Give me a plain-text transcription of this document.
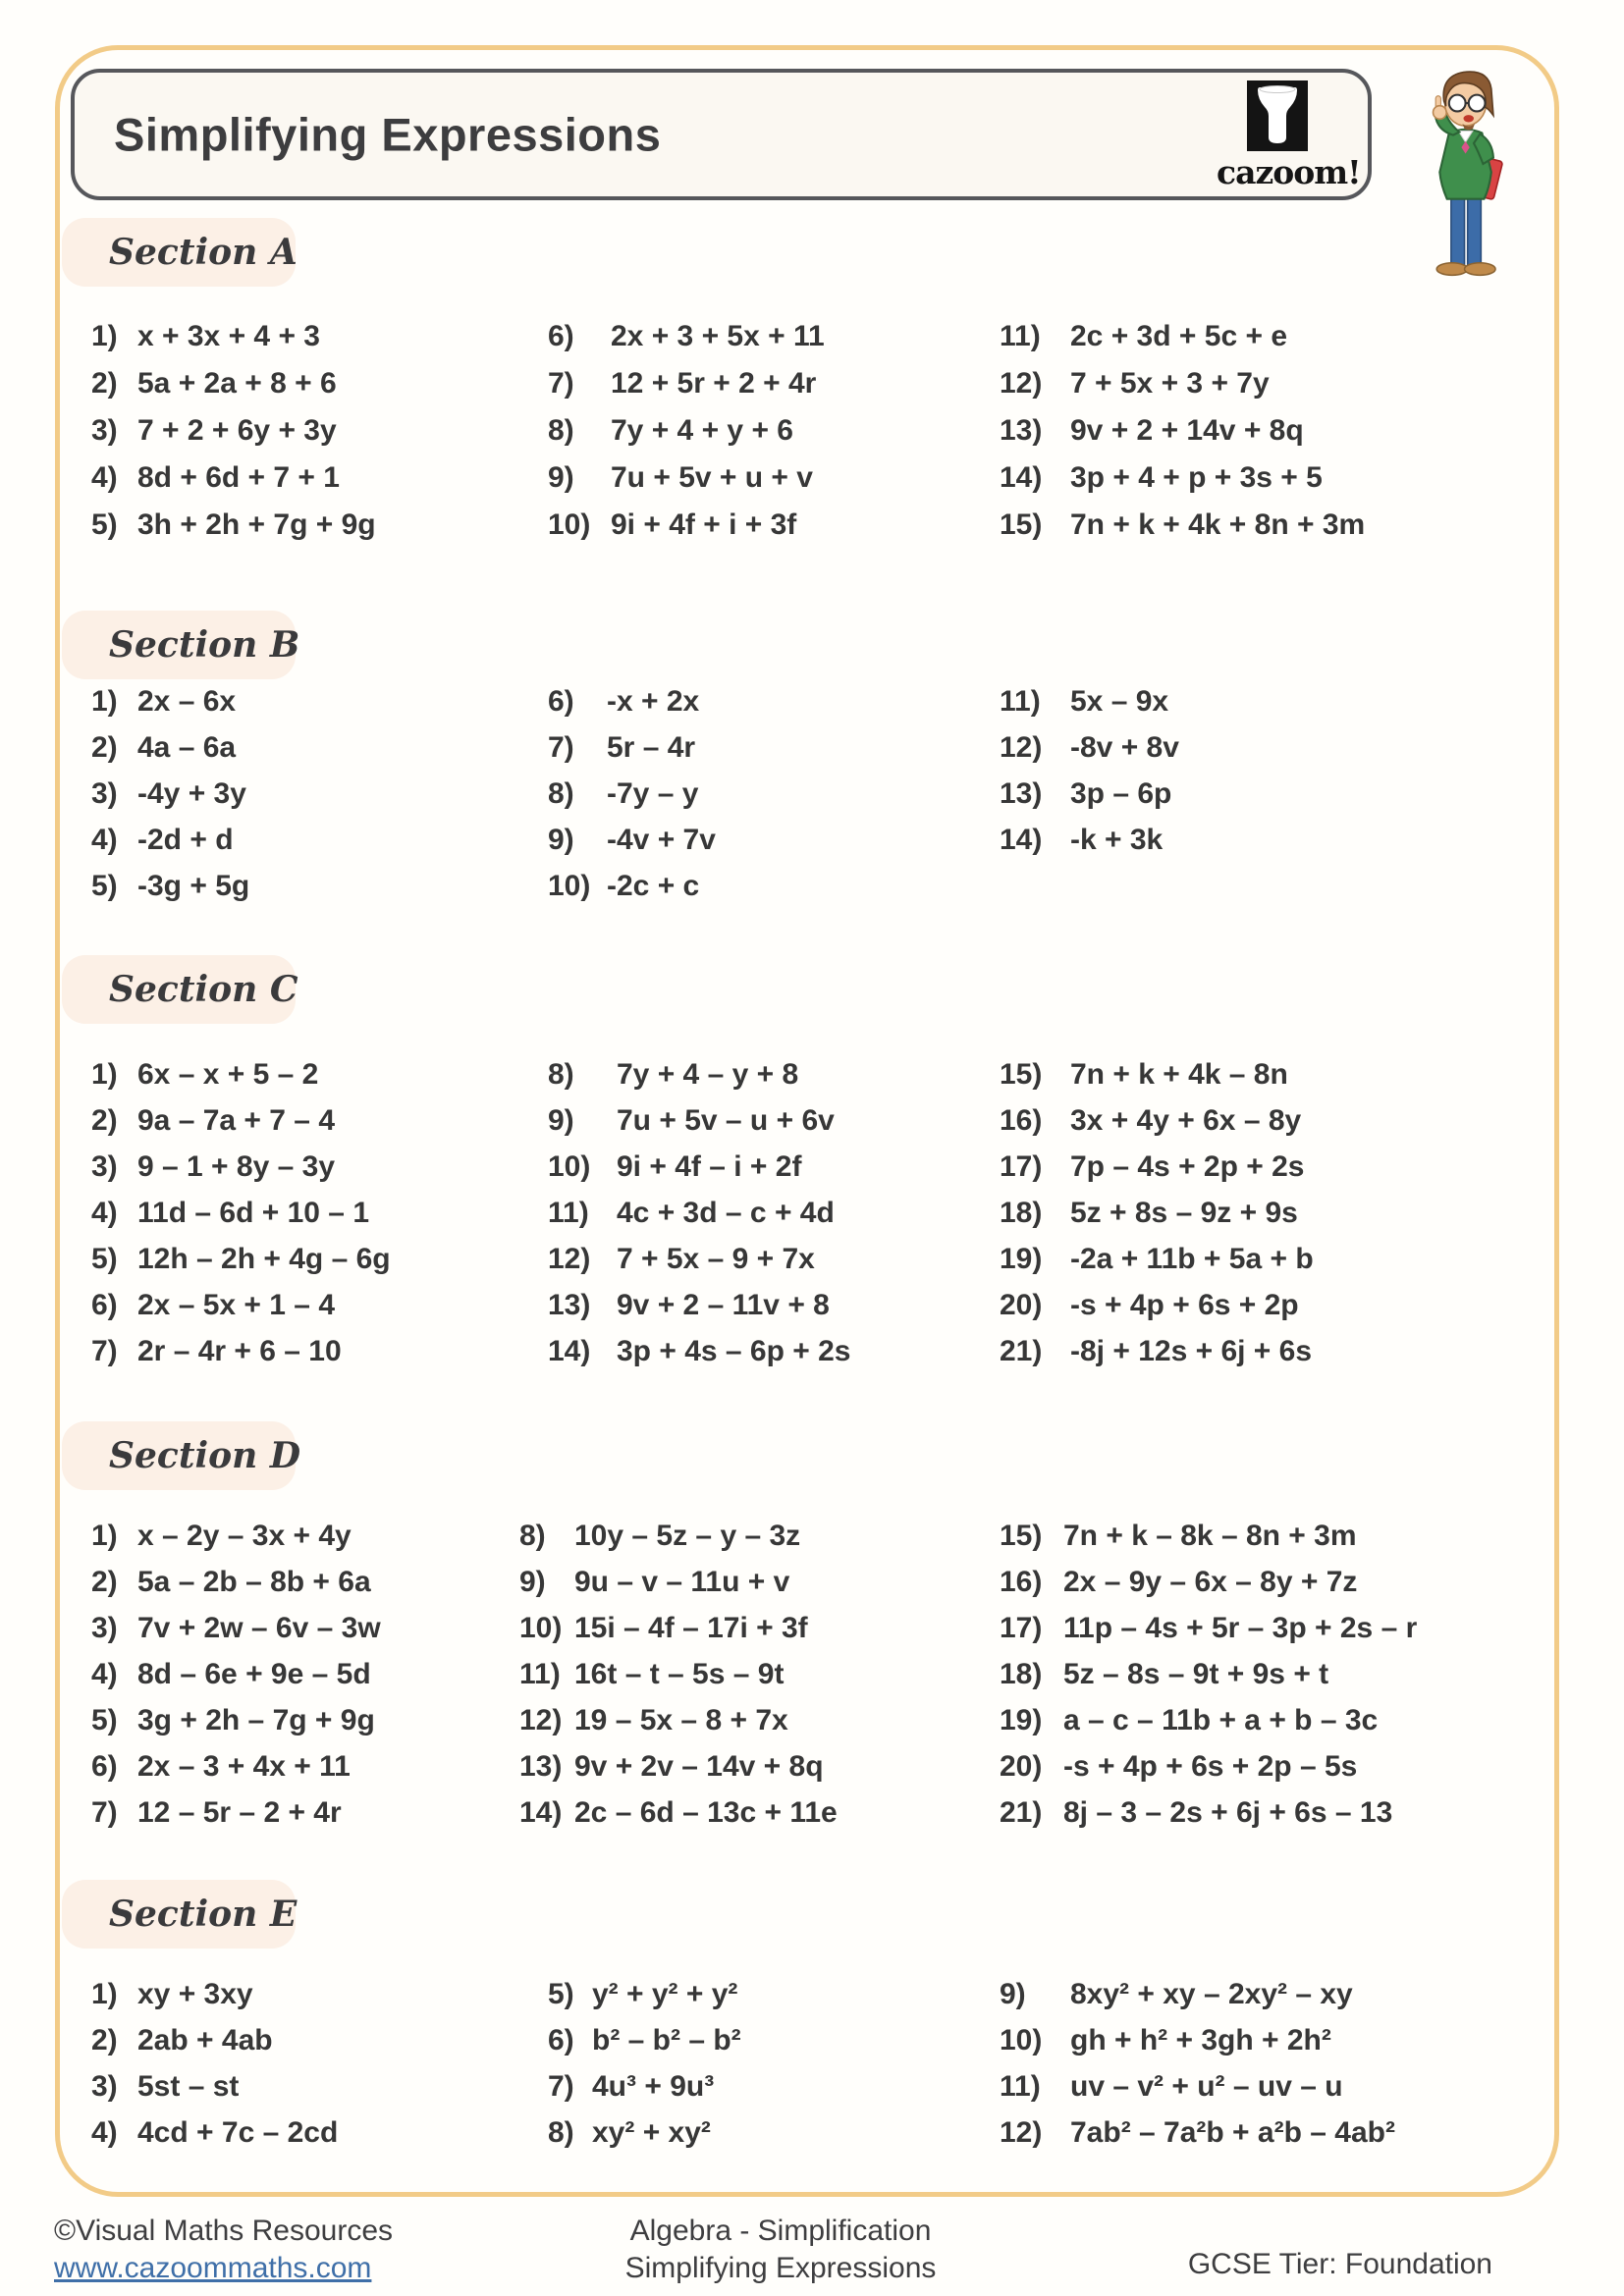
Simplifying Expressions
cazoom!
Section A
1) x + 3x + 4 + 3
2) 5a + 2a + 8 + 6
3) 7 + 2 + 6y + 3y
4) 8d + 6d + 7 + 1
5) 3h + 2h + 7g + 9g
6)	2x + 3 + 5x + 11
7)	12 + 5r + 2 + 4r
8)	7y + 4 + y + 6
9)	7u + 5v + u + v
10) 9i + 4f + i + 3f
11)	2c + 3d + 5c + e
12) 7 + 5x + 3 + 7y
13) 9v + 2 + 14v + 8q
14) 3p + 4 + p + 3s + 5
15) 7n + k + 4k + 8n + 3m
Section B
1) 2x – 6x
2) 4a – 6a
3) -4y + 3y
4) -2d + d
5) -3g + 5g
6)	-x + 2x
7)	5r – 4r
8)	-7y – y
9)	-4v + 7v
10) -2c + c
11)	5x – 9x
12) -8v + 8v
13) 3p – 6p
14) -k + 3k
Section C
1) 6x – x + 5 – 2
2) 9a – 7a + 7 – 4
3) 9 – 1 + 8y – 3y
4) 11d – 6d + 10 – 1
5) 12h – 2h + 4g – 6g
6) 2x – 5x + 1 – 4
7) 2r – 4r + 6 – 10
8)	7y + 4 – y + 8
9)	7u + 5v – u + 6v
10) 9i + 4f – i + 2f
11) 4c + 3d – c + 4d
12) 7 + 5x – 9 + 7x
13) 9v + 2 – 11v + 8
14) 3p + 4s – 6p + 2s
15) 7n + k + 4k – 8n
16) 3x + 4y + 6x – 8y
17) 7p – 4s + 2p + 2s
18) 5z + 8s – 9z + 9s
19) -2a + 11b + 5a + b
20) -s + 4p + 6s + 2p
21) -8j + 12s + 6j + 6s
Section D
1) x – 2y – 3x + 4y
2) 5a – 2b – 8b + 6a
3) 7v + 2w – 6v – 3w
4) 8d – 6e + 9e – 5d
5) 3g + 2h – 7g + 9g
6) 2x – 3 + 4x + 11
7) 12 – 5r – 2 + 4r
8) 10y – 5z – y – 3z
9) 9u – v – 11u + v
10) 15i – 4f – 17i + 3f
11) 16t – t – 5s – 9t
12) 19 – 5x – 8 + 7x
13) 9v + 2v – 14v + 8q
14) 2c – 6d – 13c + 11e
15) 7n + k – 8k – 8n + 3m
16) 2x – 9y – 6x – 8y + 7z
17) 11p – 4s + 5r – 3p + 2s – r
18) 5z – 8s – 9t + 9s + t
19) a – c – 11b + a + b – 3c
20) -s + 4p + 6s + 2p – 5s
21) 8j – 3 – 2s + 6j + 6s – 13
Section E
1) xy + 3xy
2) 2ab + 4ab
3) 5st – st
4) 4cd + 7c – 2cd
5) y² + y² + y²
6) b² – b² – b²
7) 4u³ + 9u³
8) xy² + xy²
9)	8xy² + xy – 2xy² – xy
10) gh + h² + 3gh + 2h²
11)	uv – v² + u² – uv – u
12) 7ab² – 7a²b + a²b – 4ab²
©Visual Maths Resources
www.cazoommaths.com
Algebra - Simplification
Simplifying Expressions	GCSE Tier: Foundation
